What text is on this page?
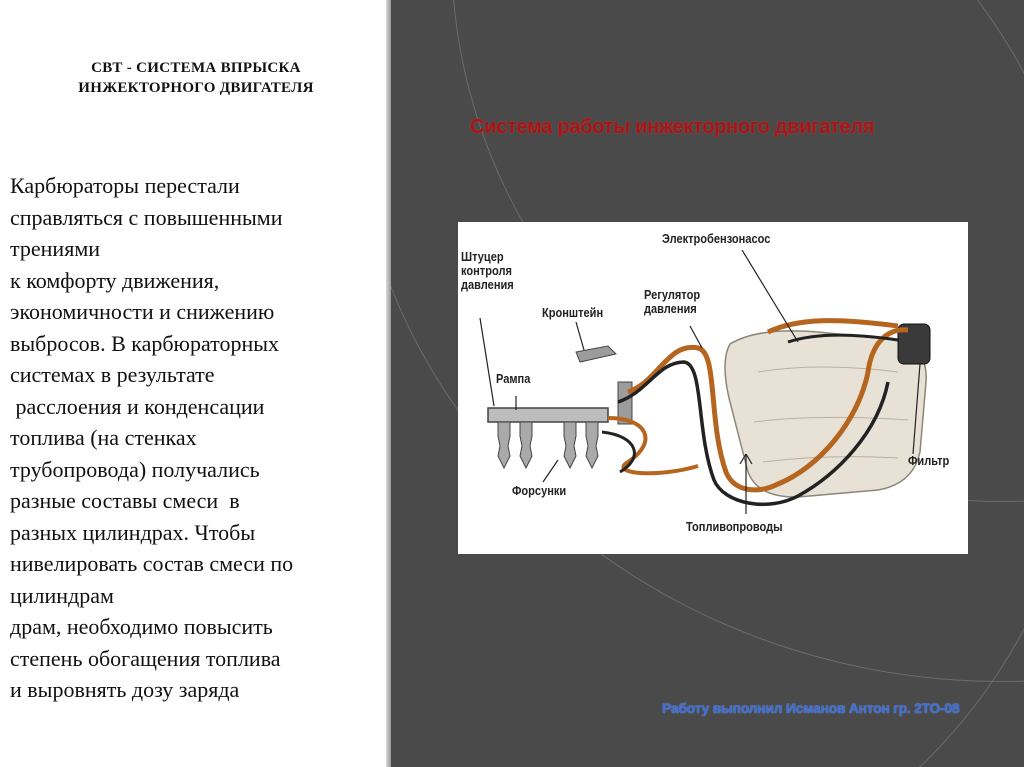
СВТ - СИСТЕМА ВПРЫСКА
ИНЖЕКТОРНОГО ДВИГАТЕЛЯ
Карбюраторы перестали
справляться с повышенными
трениями
к комфорту движения,
экономичности и снижению
выбросов. В карбюраторных
системах в результате
расслоения и конденсации
топлива (на стенках
трубопровода) получались
разные составы смеси  в
разных цилиндрах. Чтобы
нивелировать состав смеси по
цилиндрам
драм, необходимо повысить
степень обогащения топлива
и выровнять дозу заряда
Система работы инжекторного двигателя
Штуцер
контроля
давления
Кронштейн
Регулятор
давления
Электробензонасос
Рампа
Фильтр
Форсунки
Топливопроводы
Работу выполнил Исманов Антон гр. 2ТО-08
